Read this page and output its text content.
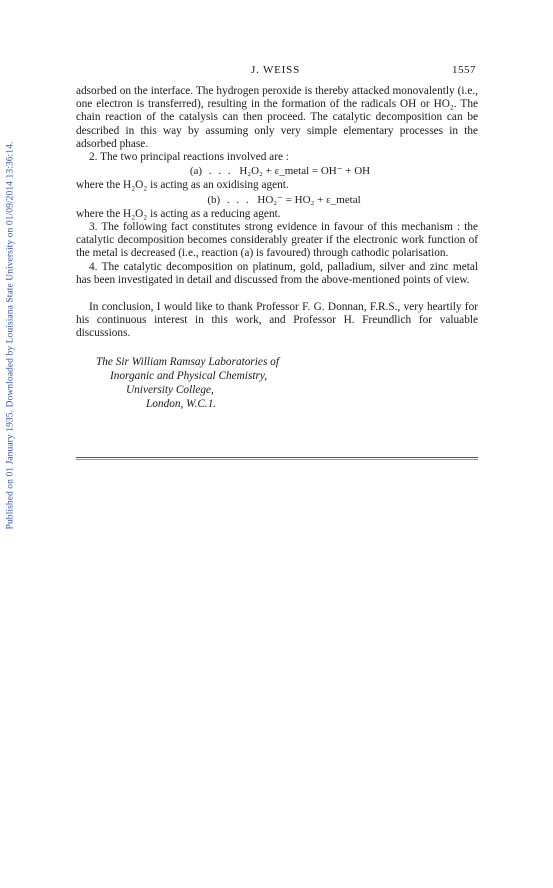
Published on 01 January 1935. Downloaded by Louisiana State University on 01/09/2014 13:36:14.
J. WEISS	1557

adsorbed on the interface. The hydrogen peroxide is thereby attacked monovalently (i.e., one electron is transferred), resulting in the formation of the radicals OH or HO₂. The chain reaction of the catalysis can then proceed. The catalytic decomposition can be described in this way by assuming only very simple elementary processes in the adsorbed phase.

2. The two principal reactions involved are :

(a) . . . H₂O₂ + ε_metal = OH⁻ + OH

where the H₂O₂ is acting as an oxidising agent.

(b) . . . HO₂⁻ = HO₂ + ε_metal

where the H₂O₂ is acting as a reducing agent.

3. The following fact constitutes strong evidence in favour of this mechanism : the catalytic decomposition becomes considerably greater if the electronic work function of the metal is decreased (i.e., reaction (a) is favoured) through cathodic polarisation.

4. The catalytic decomposition on platinum, gold, palladium, silver and zinc metal has been investigated in detail and discussed from the above-mentioned points of view.

In conclusion, I would like to thank Professor F. G. Donnan, F.R.S., very heartily for his continuous interest in this work, and Professor H. Freundlich for valuable discussions.

The Sir William Ramsay Laboratories of
Inorganic and Physical Chemistry,
University College,
London, W.C.1.
